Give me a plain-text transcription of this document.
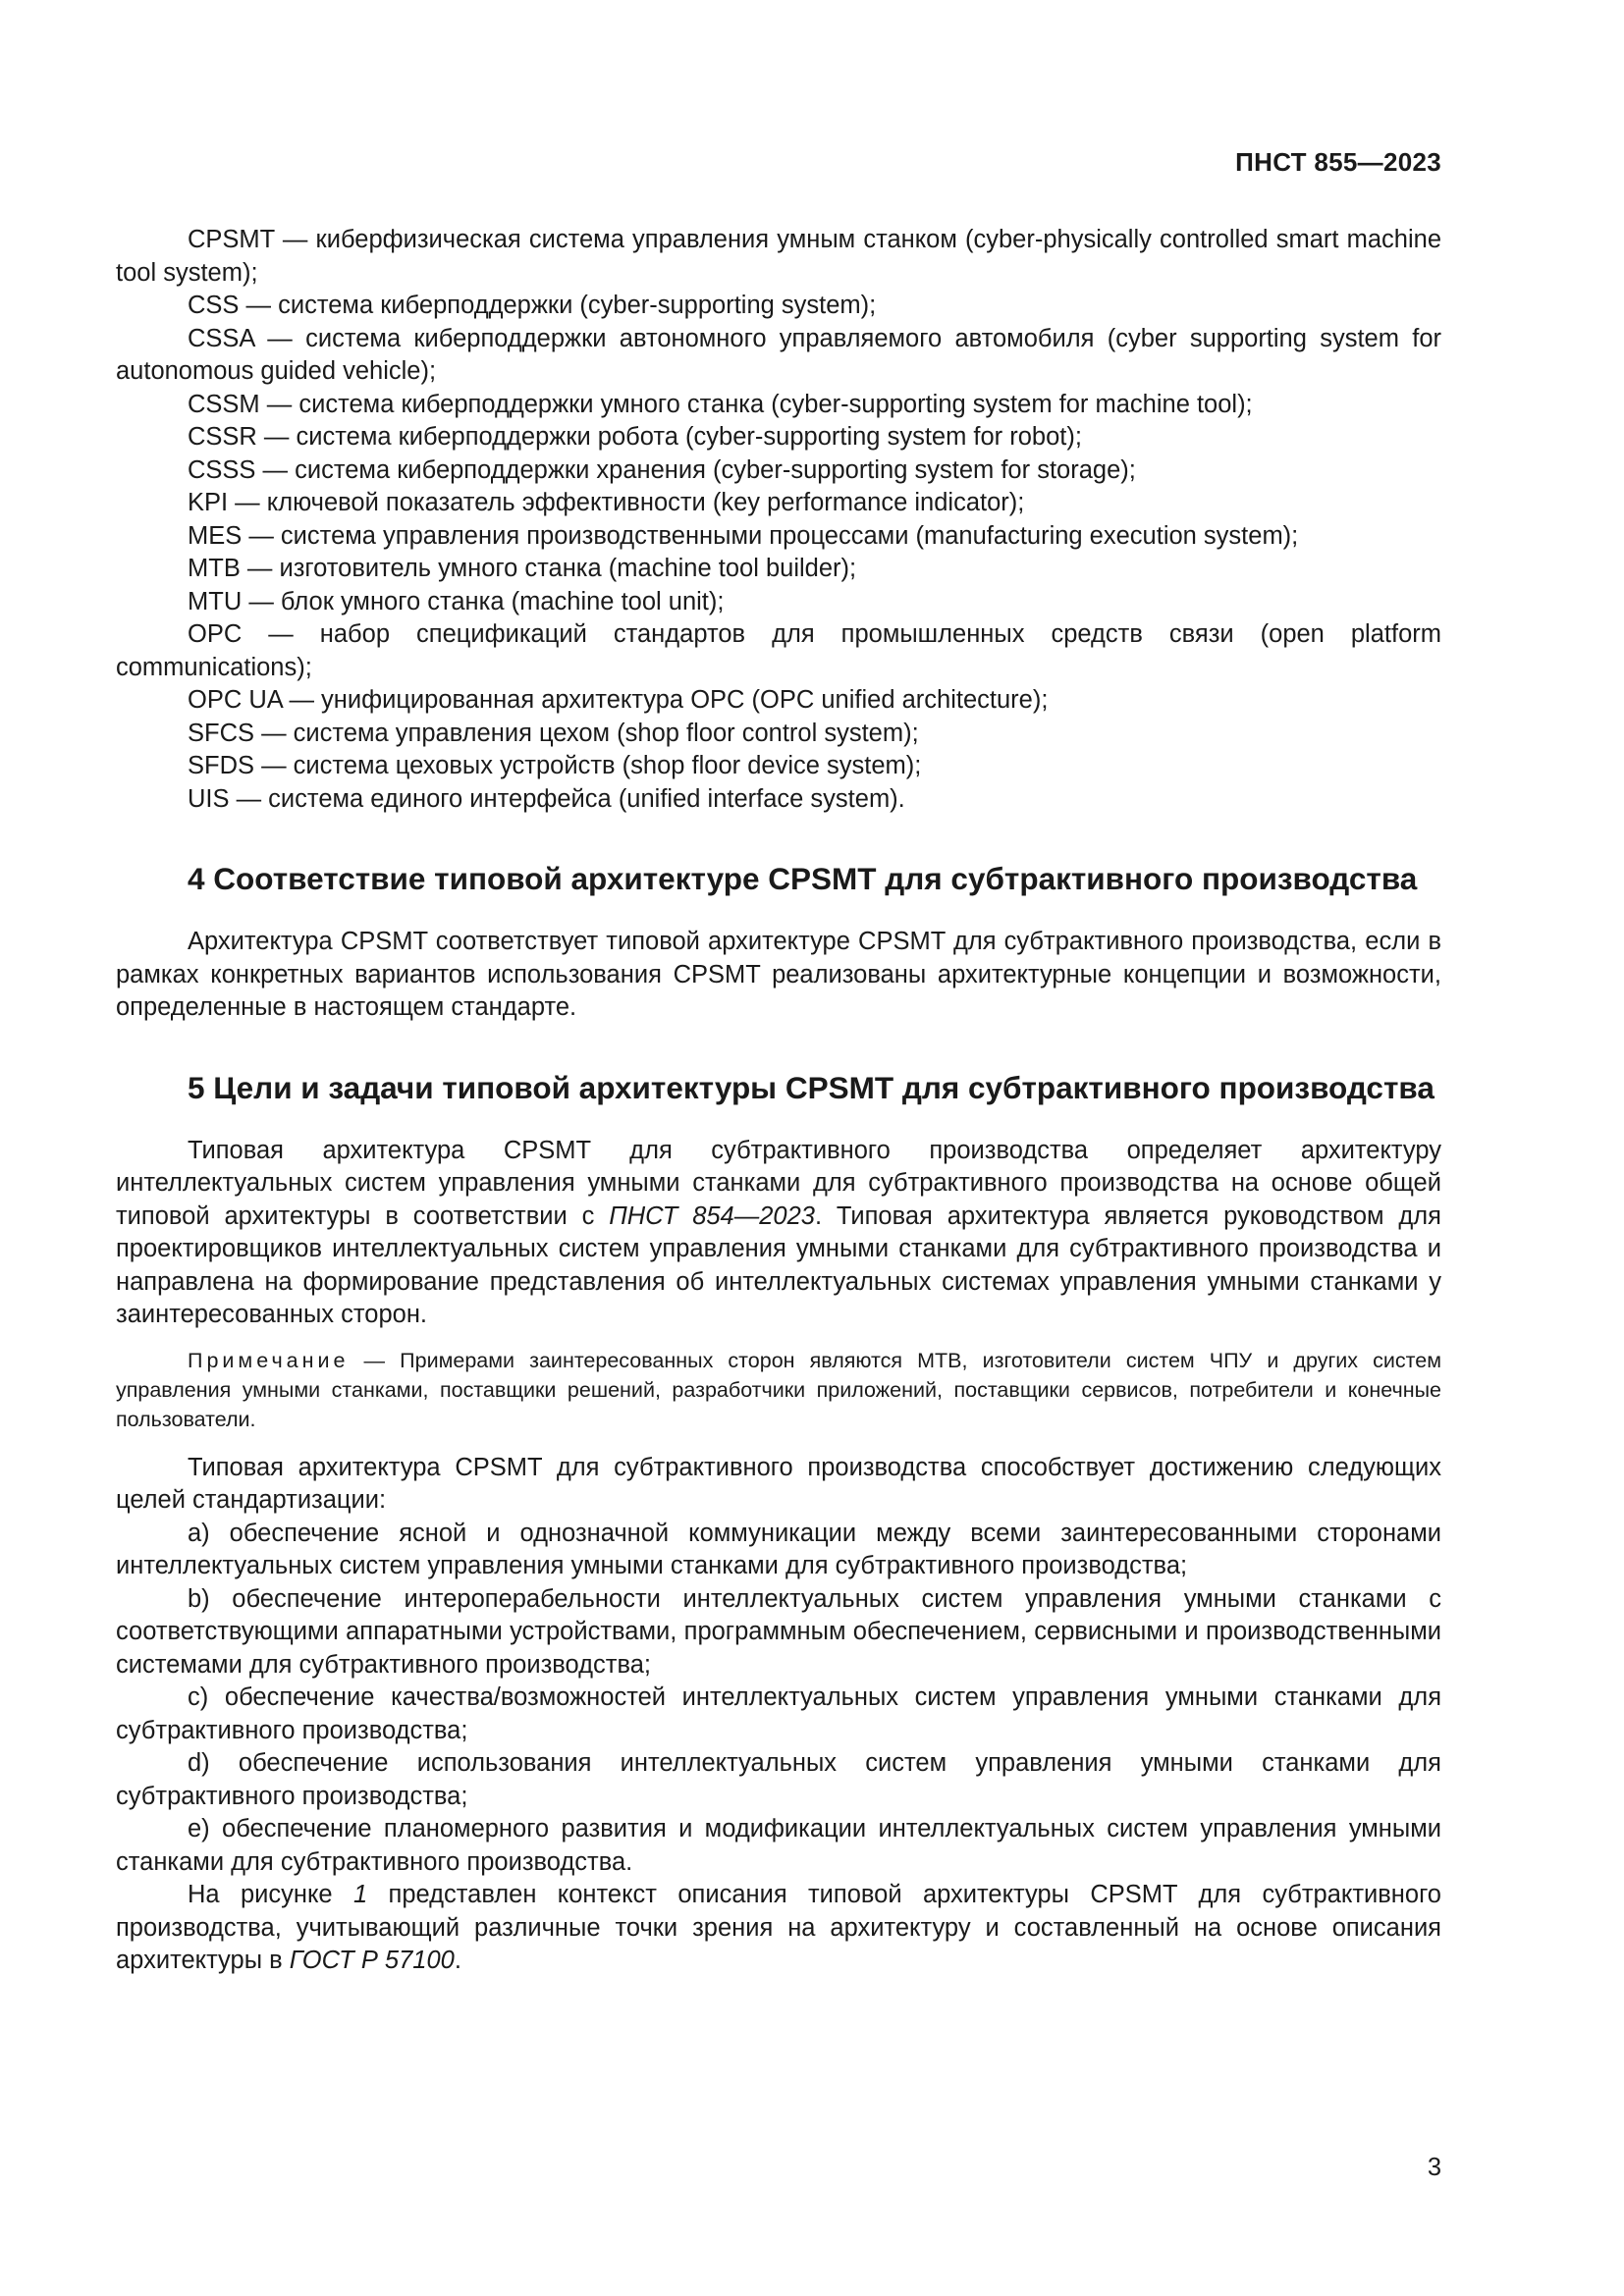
ПНСТ 855—2023
CPSMT — киберфизическая система управления умным станком (cyber-physically controlled smart machine tool system);
CSS — система киберподдержки (cyber-supporting system);
CSSA — система киберподдержки автономного управляемого автомобиля (cyber supporting system for autonomous guided vehicle);
CSSM — система киберподдержки умного станка (cyber-supporting system for machine tool);
CSSR — система киберподдержки робота (cyber-supporting system for robot);
CSSS — система киберподдержки хранения (cyber-supporting system for storage);
KPI — ключевой показатель эффективности (key performance indicator);
MES — система управления производственными процессами (manufacturing execution system);
MTB — изготовитель умного станка (machine tool builder);
MTU — блок умного станка (machine tool unit);
OPC — набор спецификаций стандартов для промышленных средств связи (open platform communications);
OPC UA — унифицированная архитектура OPC (OPC unified architecture);
SFCS — система управления цехом (shop floor control system);
SFDS — система цеховых устройств (shop floor device system);
UIS — система единого интерфейса (unified interface system).
4 Соответствие типовой архитектуре CPSMT для субтрактивного производства

Архитектура CPSMT соответствует типовой архитектуре CPSMT для субтрактивного производства, если в рамках конкретных вариантов использования CPSMT реализованы архитектурные концепции и возможности, определенные в настоящем стандарте.

5 Цели и задачи типовой архитектуры CPSMT для субтрактивного производства

Типовая архитектура CPSMT для субтрактивного производства определяет архитектуру интеллектуальных систем управления умными станками для субтрактивного производства на основе общей типовой архитектуры в соответствии с ПНСТ 854—2023. Типовая архитектура является руководством для проектировщиков интеллектуальных систем управления умными станками для субтрактивного производства и направлена на формирование представления об интеллектуальных системах управления умными станками у заинтересованных сторон.

Примечание — Примерами заинтересованных сторон являются MTB, изготовители систем ЧПУ и других систем управления умными станками, поставщики решений, разработчики приложений, поставщики сервисов, потребители и конечные пользователи.

Типовая архитектура CPSMT для субтрактивного производства способствует достижению следующих целей стандартизации:

а) обеспечение ясной и однозначной коммуникации между всеми заинтересованными сторонами интеллектуальных систем управления умными станками для субтрактивного производства;
b) обеспечение интероперабельности интеллектуальных систем управления умными станками с соответствующими аппаратными устройствами, программным обеспечением, сервисными и производственными системами для субтрактивного производства;
с) обеспечение качества/возможностей интеллектуальных систем управления умными станками для субтрактивного производства;
d) обеспечение использования интеллектуальных систем управления умными станками для субтрактивного производства;
е) обеспечение планомерного развития и модификации интеллектуальных систем управления умными станками для субтрактивного производства.

На рисунке 1 представлен контекст описания типовой архитектуры CPSMT для субтрактивного производства, учитывающий различные точки зрения на архитектуру и составленный на основе описания архитектуры в ГОСТ Р 57100.

3
